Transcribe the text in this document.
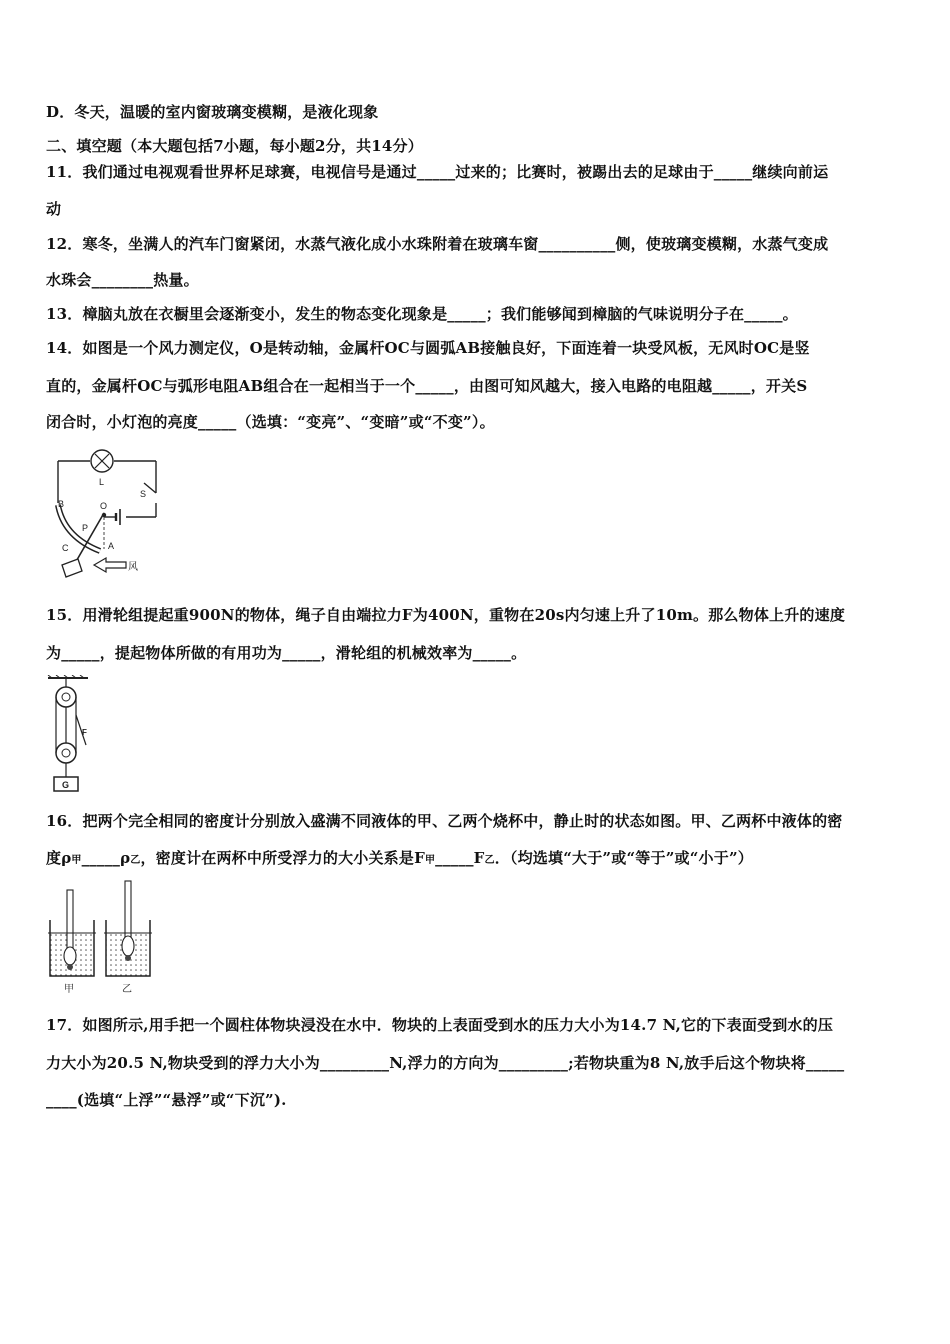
D．冬天，温暖的室内窗玻璃变模糊，是液化现象
二、填空题（本大题包括7小题，每小题2分，共14分）
11．我们通过电视观看世界杯足球赛，电视信号是通过_____过来的；比赛时，被踢出去的足球由于_____继续向前运
动
12．寒冬，坐满人的汽车门窗紧闭，水蒸气液化成小水珠附着在玻璃车窗__________侧，使玻璃变模糊，水蒸气变成
水珠会________热量。
13．樟脑丸放在衣橱里会逐渐变小，发生的物态变化现象是_____；我们能够闻到樟脑的气味说明分子在_____。
14．如图是一个风力测定仪，O是转动轴，金属杆OC与圆弧AB接触良好，下面连着一块受风板，无风时OC是竖
直的，金属杆OC与弧形电阻AB组合在一起相当于一个_____，由图可知风越大，接入电路的电阻越_____，开关S
闭合时，小灯泡的亮度_____（选填：“变亮”、“变暗”或“不变”）。
风
L
S
B	O
P
C	A
15．用滑轮组提起重900N的物体，绳子自由端拉力F为400N，重物在20s内匀速上升了10m。那么物体上升的速度
为_____，提起物体所做的有用功为_____，滑轮组的机械效率为_____。
F
G
16．把两个完全相同的密度计分别放入盛满不同液体的甲、乙两个烧杯中，静止时的状态如图。甲、乙两杯中液体的密
度ρ甲_____ρ乙，密度计在两杯中所受浮力的大小关系是F甲_____F乙．（均选填“大于”或“等于”或“小于”）
甲	乙
17．如图所示,用手把一个圆柱体物块浸没在水中．物块的上表面受到水的压力大小为14.7 N,它的下表面受到水的压
力大小为20.5 N,物块受到的浮力大小为_________N,浮力的方向为_________;若物块重为8 N,放手后这个物块将_____
____(选填“上浮”“悬浮”或“下沉”).
